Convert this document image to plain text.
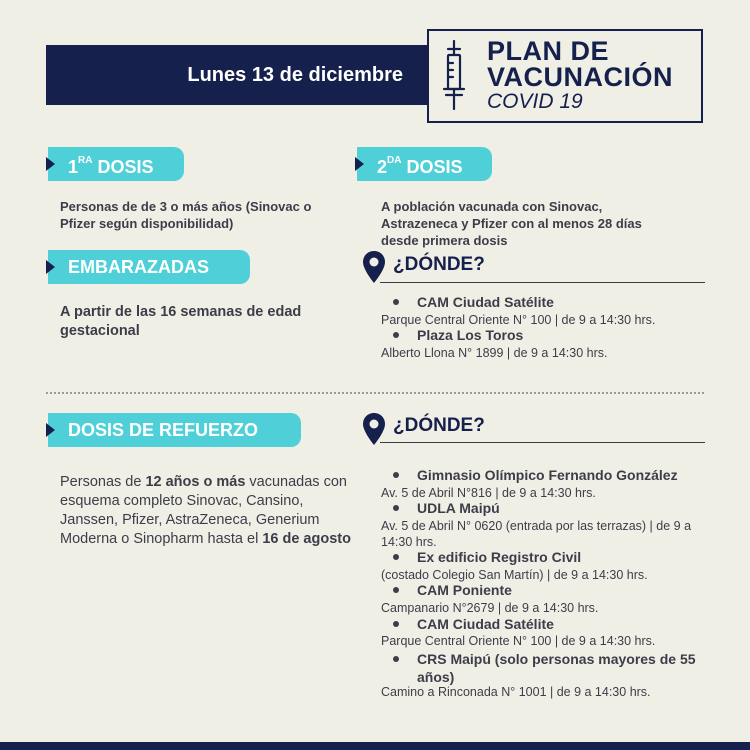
Lunes 13 de diciembre
PLAN DE
VACUNACIÓN
COVID 19
$1^{RA}$ DOSIS
Personas de de 3 o más años (Sinovac o Pfizer según disponibilidad)
$2^{DA}$ DOSIS
A población vacunada con Sinovac, Astrazeneca y Pfizer con al menos 28 días desde primera dosis
EMBARAZADAS
A partir de las 16 semanas de edad gestacional
¿DÓNDE?
CAM Ciudad Satélite
Parque Central Oriente N° 100 | de 9 a 14:30 hrs.
Plaza Los Toros
Alberto Llona N° 1899 | de 9 a 14:30 hrs.
DOSIS DE REFUERZO
Personas de 12 años o más vacunadas con esquema completo Sinovac, Cansino, Janssen, Pfizer, AstraZeneca, Generium Moderna o Sinopharm hasta el 16 de agosto
¿DÓNDE?
Gimnasio Olímpico Fernando González
Av. 5 de Abril N°816 | de 9 a 14:30 hrs.
UDLA Maipú
Av. 5 de Abril N° 0620 (entrada por las terrazas) | de 9 a 14:30 hrs.
Ex edificio Registro Civil
(costado Colegio San Martín) | de 9 a 14:30 hrs.
CAM Poniente
Campanario N°2679 | de 9 a 14:30 hrs.
CAM Ciudad Satélite
Parque Central Oriente N° 100 | de 9 a 14:30 hrs.
CRS Maipú (solo personas mayores de 55 años)
Camino a Rinconada N° 1001 | de 9 a 14:30 hrs.
